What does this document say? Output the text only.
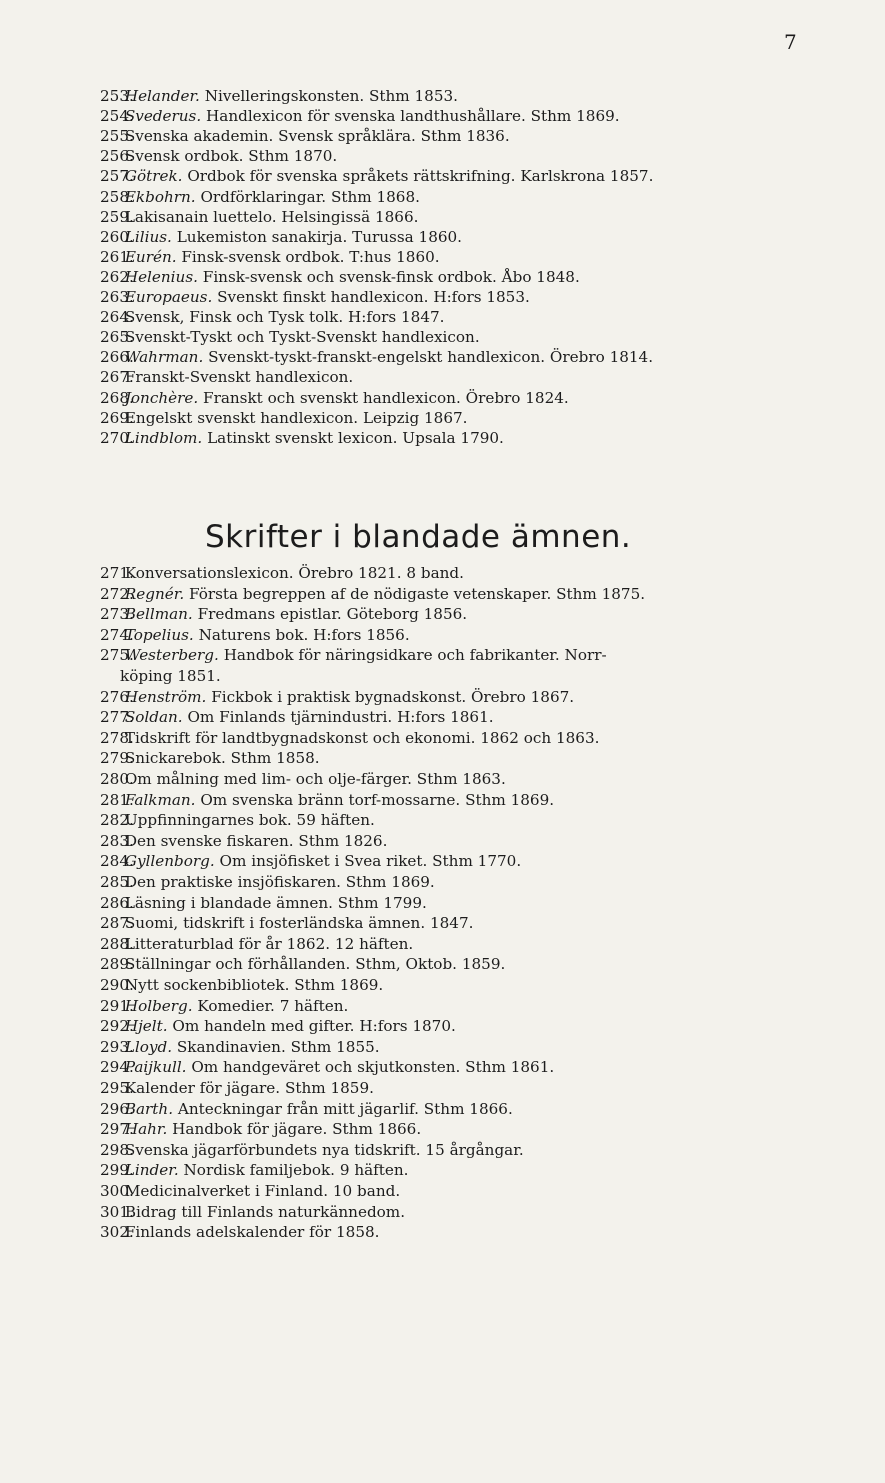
7
253. Helander. Nivelleringskonsten. Sthm 1853.
254. Svederus. Handlexicon för svenska landthushållare. Sthm 1869.
255. Svenska akademin. Svensk språklära. Sthm 1836.
256. Svensk ordbok. Sthm 1870.
257. Götrek. Ordbok för svenska språkets rättskrifning. Karlskrona 1857.
258. Ekbohrn. Ordförklaringar. Sthm 1868.
259. Lakisanain luettelo. Helsingissä 1866.
260. Lilius. Lukemiston sanakirja. Turussa 1860.
261. Eurén. Finsk-svensk ordbok. T:hus 1860.
262. Helenius. Finsk-svensk och svensk-finsk ordbok. Åbo 1848.
263. Europaeus. Svenskt finskt handlexicon. H:fors 1853.
264. Svensk, Finsk och Tysk tolk. H:fors 1847.
265. Svenskt-Tyskt och Tyskt-Svenskt handlexicon.
266. Wahrman. Svenskt-tyskt-franskt-engelskt handlexicon. Örebro 1814.
267. Franskt-Svenskt handlexicon.
268. Jonchère. Franskt och svenskt handlexicon. Örebro 1824.
269. Engelskt svenskt handlexicon. Leipzig 1867.
270. Lindblom. Latinskt svenskt lexicon. Upsala 1790.
Skrifter i blandade ämnen.
271. Konversationslexicon. Örebro 1821. 8 band.
272. Regnér. Första begreppen af de nödigaste vetenskaper. Sthm 1875.
273. Bellman. Fredmans epistlar. Göteborg 1856.
274. Topelius. Naturens bok. H:fors 1856.
275. Westerberg. Handbok för näringsidkare och fabrikanter. Norr-
köping 1851.
276. Henström. Fickbok i praktisk bygnadskonst. Örebro 1867.
277. Soldan. Om Finlands tjärnindustri. H:fors 1861.
278. Tidskrift för landtbygnadskonst och ekonomi. 1862 och 1863.
279. Snickarebok. Sthm 1858.
280. Om målning med lim- och olje-färger. Sthm 1863.
281. Falkman. Om svenska bränn torf-mossarne. Sthm 1869.
282. Uppfinningarnes bok. 59 häften.
283. Den svenske fiskaren. Sthm 1826.
284. Gyllenborg. Om insjöfisket i Svea riket. Sthm 1770.
285. Den praktiske insjöfiskaren. Sthm 1869.
286. Läsning i blandade ämnen. Sthm 1799.
287. Suomi, tidskrift i fosterländska ämnen. 1847.
288. Litteraturblad för år 1862. 12 häften.
289. Ställningar och förhållanden. Sthm, Oktob. 1859.
290. Nytt sockenbibliotek. Sthm 1869.
291. Holberg. Komedier. 7 häften.
292. Hjelt. Om handeln med gifter. H:fors 1870.
293. Lloyd. Skandinavien. Sthm 1855.
294. Paijkull. Om handgeväret och skjutkonsten. Sthm 1861.
295. Kalender för jägare. Sthm 1859.
296. Barth. Anteckningar från mitt jägarlif. Sthm 1866.
297. Hahr. Handbok för jägare. Sthm 1866.
298. Svenska jägarförbundets nya tidskrift. 15 årgångar.
299. Linder. Nordisk familjebok. 9 häften.
300. Medicinalverket i Finland. 10 band.
301. Bidrag till Finlands naturkännedom.
302. Finlands adelskalender för 1858.
